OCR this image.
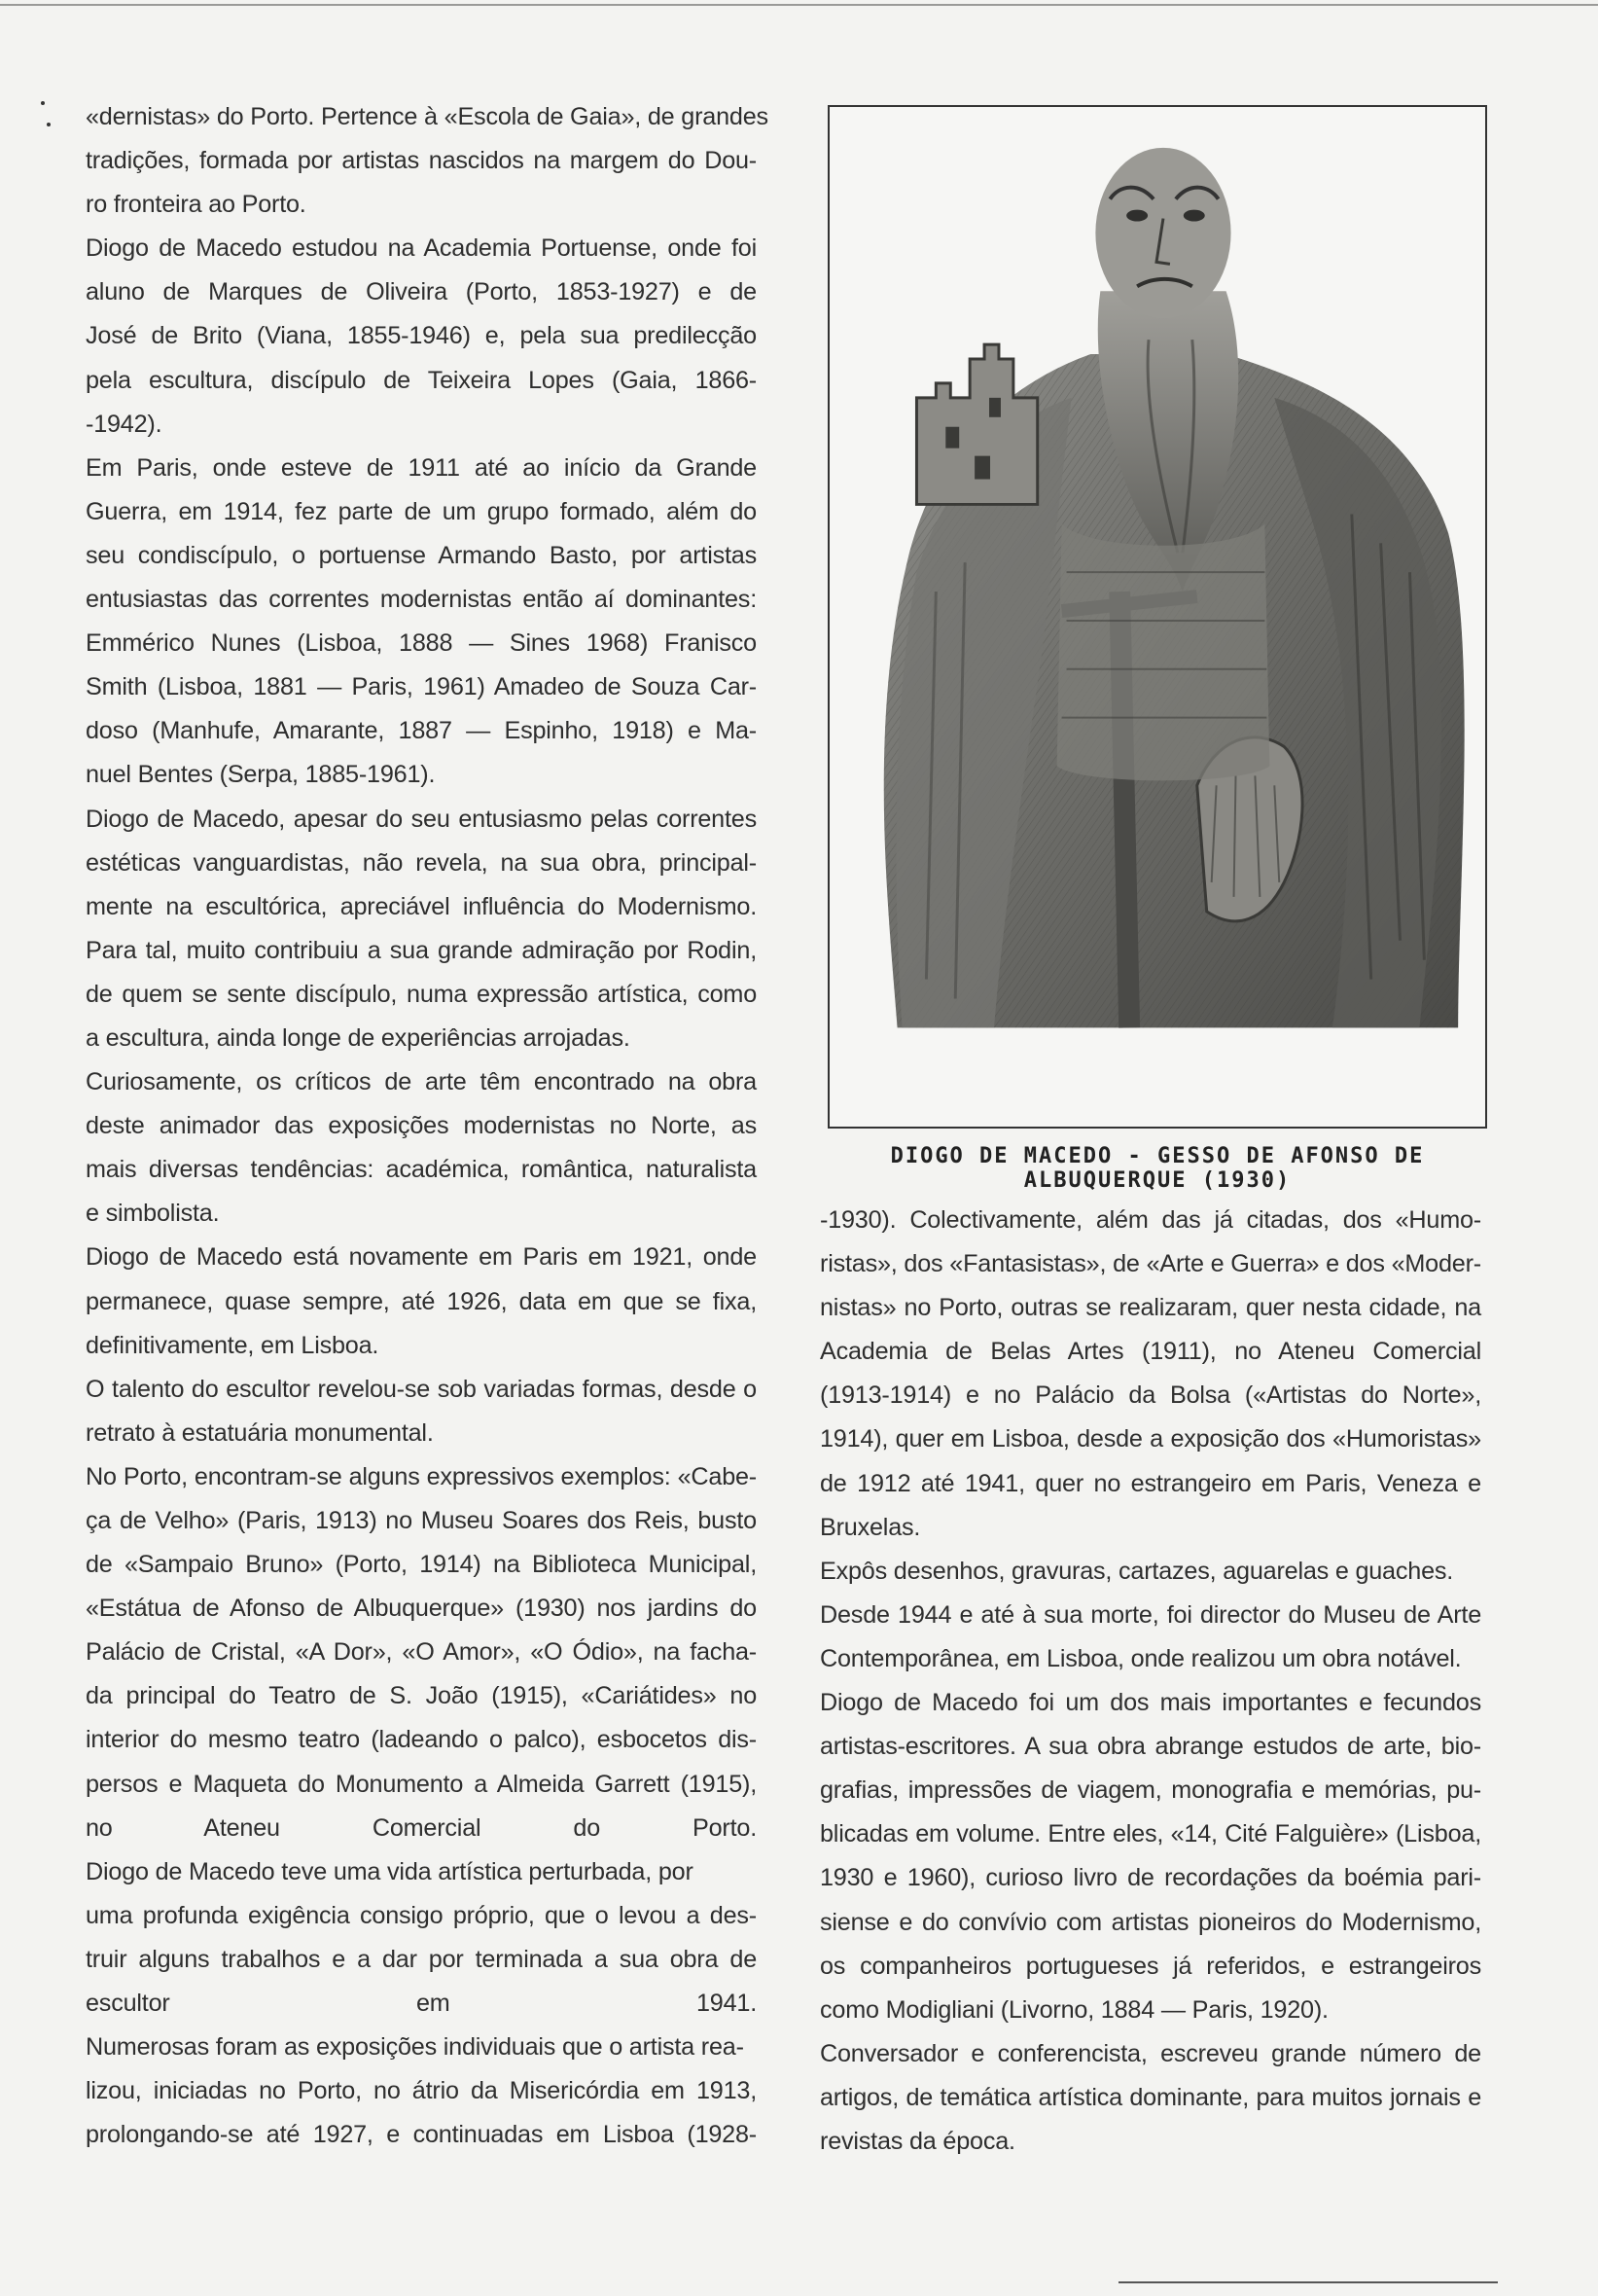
«dernistas» do Porto. Pertence à «Escola de Gaia», de grandes
tradições, formada por artistas nascidos na margem do Dou-
ro fronteira ao Porto.
Diogo de Macedo estudou na Academia Portuense, onde foi
aluno de Marques de Oliveira (Porto, 1853-1927) e de
José de Brito (Viana, 1855-1946) e, pela sua predilecção
pela escultura, discípulo de Teixeira Lopes (Gaia, 1866-
-1942).
Em Paris, onde esteve de 1911 até ao início da Grande
Guerra, em 1914, fez parte de um grupo formado, além do
seu condiscípulo, o portuense Armando Basto, por artistas
entusiastas das correntes modernistas então aí dominantes:
Emmérico Nunes (Lisboa, 1888 — Sines 1968) Franisco
Smith (Lisboa, 1881 — Paris, 1961) Amadeo de Souza Car-
doso (Manhufe, Amarante, 1887 — Espinho, 1918) e Ma-
nuel Bentes (Serpa, 1885-1961).
Diogo de Macedo, apesar do seu entusiasmo pelas correntes
estéticas vanguardistas, não revela, na sua obra, principal-
mente na escultórica, apreciável influência do Modernismo.
Para tal, muito contribuiu a sua grande admiração por Rodin,
de quem se sente discípulo, numa expressão artística, como
a escultura, ainda longe de experiências arrojadas.
Curiosamente, os críticos de arte têm encontrado na obra
deste animador das exposições modernistas no Norte, as
mais diversas tendências: académica, romântica, naturalista
e simbolista.
Diogo de Macedo está novamente em Paris em 1921, onde
permanece, quase sempre, até 1926, data em que se fixa,
definitivamente, em Lisboa.
O talento do escultor revelou-se sob variadas formas, desde o
retrato à estatuária monumental.
No Porto, encontram-se alguns expressivos exemplos: «Cabe-
ça de Velho» (Paris, 1913) no Museu Soares dos Reis, busto
de «Sampaio Bruno» (Porto, 1914) na Biblioteca Municipal,
«Estátua de Afonso de Albuquerque» (1930) nos jardins do
Palácio de Cristal, «A Dor», «O Amor», «O Ódio», na facha-
da principal do Teatro de S. João (1915), «Cariátides» no
interior do mesmo teatro (ladeando o palco), esbocetos dis-
persos e Maqueta do Monumento a Almeida Garrett (1915),
no Ateneu Comercial do Porto.
Diogo de Macedo teve uma vida artística perturbada, por
uma profunda exigência consigo próprio, que o levou a des-
truir alguns trabalhos e a dar por terminada a sua obra de
escultor em 1941.
Numerosas foram as exposições individuais que o artista rea-
lizou, iniciadas no Porto, no átrio da Misericórdia em 1913,
prolongando-se até 1927, e continuadas em Lisboa (1928-
DIOGO DE MACEDO - GESSO DE AFONSO DE ALBUQUERQUE (1930)
-1930). Colectivamente, além das já citadas, dos «Humo-
ristas», dos «Fantasistas», de «Arte e Guerra» e dos «Moder-
nistas» no Porto, outras se realizaram, quer nesta cidade, na
Academia de Belas Artes (1911), no Ateneu Comercial
(1913-1914) e no Palácio da Bolsa («Artistas do Norte»,
1914), quer em Lisboa, desde a exposição dos «Humoristas»
de 1912 até 1941, quer no estrangeiro em Paris, Veneza e
Bruxelas.
Expôs desenhos, gravuras, cartazes, aguarelas e guaches.
Desde 1944 e até à sua morte, foi director do Museu de Arte
Contemporânea, em Lisboa, onde realizou um obra notável.
Diogo de Macedo foi um dos mais importantes e fecundos
artistas-escritores. A sua obra abrange estudos de arte, bio-
grafias, impressões de viagem, monografia e memórias, pu-
blicadas em volume. Entre eles, «14, Cité Falguière» (Lisboa,
1930 e 1960), curioso livro de recordações da boémia pari-
siense e do convívio com artistas pioneiros do Modernismo,
os companheiros portugueses já referidos, e estrangeiros
como Modigliani (Livorno, 1884 — Paris, 1920).
Conversador e conferencista, escreveu grande número de
artigos, de temática artística dominante, para muitos jornais e
revistas da época.
